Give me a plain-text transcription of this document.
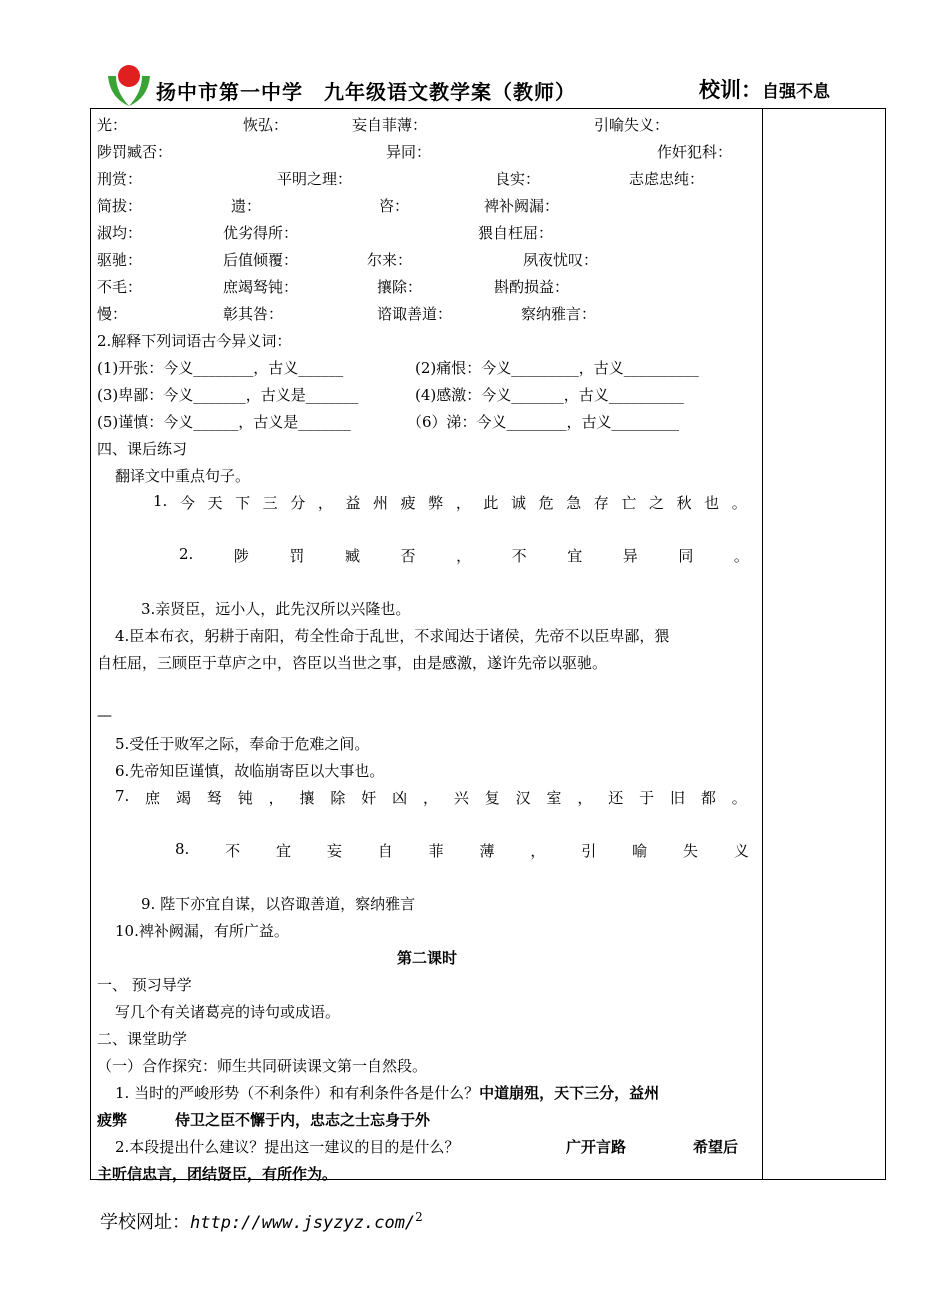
扬中市第一中学　九年级语文教学案（教师）	校训：自强不息
光：	恢弘：	妄自菲薄：	引喻失义：
陟罚臧否：	异同：	作奸犯科：
刑赏：	平明之理：	良实：	志虑忠纯：
简拔：	遗：	咨：	裨补阙漏：
淑均：	优劣得所：	猥自枉屈：
驱驰：	后值倾覆：	尔来：	夙夜忧叹：
不毛：	庶竭驽钝：	攘除：	斟酌损益：
慢：	彰其咎：	谘诹善道：	察纳雅言：
2.解释下列词语古今异义词：
(1)开张：今义________，古义______	(2)痛恨：今义_________，古义__________
(3)卑鄙：今义_______，古义是_______	(4)感激：今义_______，古义__________
(5)谨慎：今义______，古义是_______	（6）涕：今义________，古义_________
四、课后练习
翻译文中重点句子。
1. 今 天 下 三 分 ， 益 州 疲 弊 ， 此 诚 危 急 存 亡 之 秋 也 。
2.	陟	罚	臧	否	，	不	宜	异	同	。
3.亲贤臣，远小人，此先汉所以兴隆也。
4.臣本布衣，躬耕于南阳，苟全性命于乱世，不求闻达于诸侯，先帝不以臣卑鄙，猥
自枉屈，三顾臣于草庐之中，咨臣以当世之事，由是感激，遂许先帝以驱驰。
—
5.受任于败军之际，奉命于危难之间。
6.先帝知臣谨慎，故临崩寄臣以大事也。
7. 庶 竭 驽 钝 ， 攘 除 奸 凶 ， 兴 复 汉 室 ， 还 于 旧 都 。
8. 不 宜 妄 自 菲 薄 ， 引 喻 失 义
9. 陛下亦宜自谋，以咨诹善道，察纳雅言
10.裨补阙漏，有所广益。
第二课时
一、 预习导学
写几个有关诸葛亮的诗句或成语。
二、课堂助学
（一）合作探究：师生共同研读课文第一自然段。
1. 当时的严峻形势（不利条件）和有利条件各是什么？中道崩殂，天下三分，益州
疲弊	侍卫之臣不懈于内，忠志之士忘身于外
2.本段提出什么建议？提出这一建议的目的是什么？	广开言路	希望后
主听信忠言，团结贤臣，有所作为。
学校网址：http://www.jsyzyz.com/$^2$
